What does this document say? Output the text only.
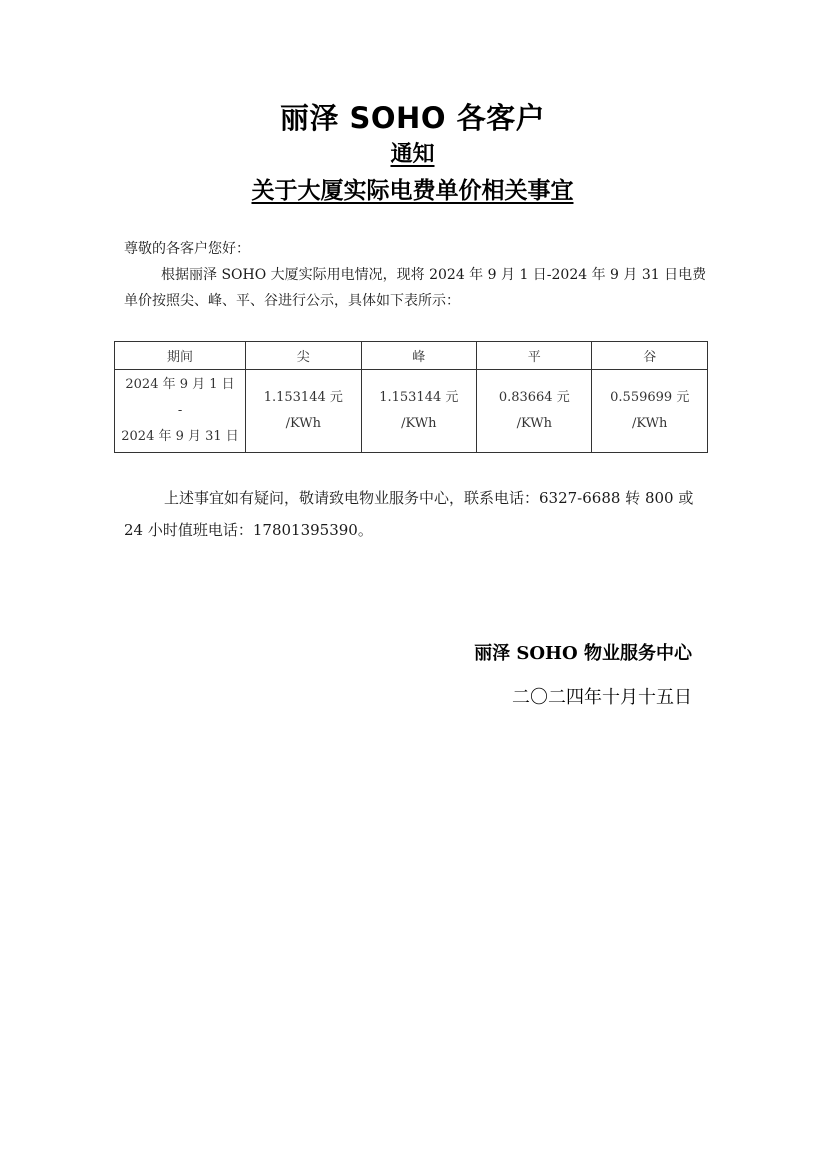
丽泽 SOHO 各客户
通知
关于大厦实际电费单价相关事宜

尊敬的各客户您好：

根据丽泽 SOHO 大厦实际用电情况，现将 2024 年 9 月 1 日-2024 年 9 月 31 日电费单价按照尖、峰、平、谷进行公示，具体如下表所示：

期间	尖	峰	平	谷

2024 年 9 月 1 日
-
2024 年 9 月 31 日	1.153144 元
/KWh	1.153144 元
/KWh	0.83664 元
/KWh	0.559699 元
/KWh

上述事宜如有疑问，敬请致电物业服务中心，联系电话：6327-6688 转 800 或 24 小时值班电话：17801395390。

丽泽 SOHO 物业服务中心

二〇二四年十月十五日
